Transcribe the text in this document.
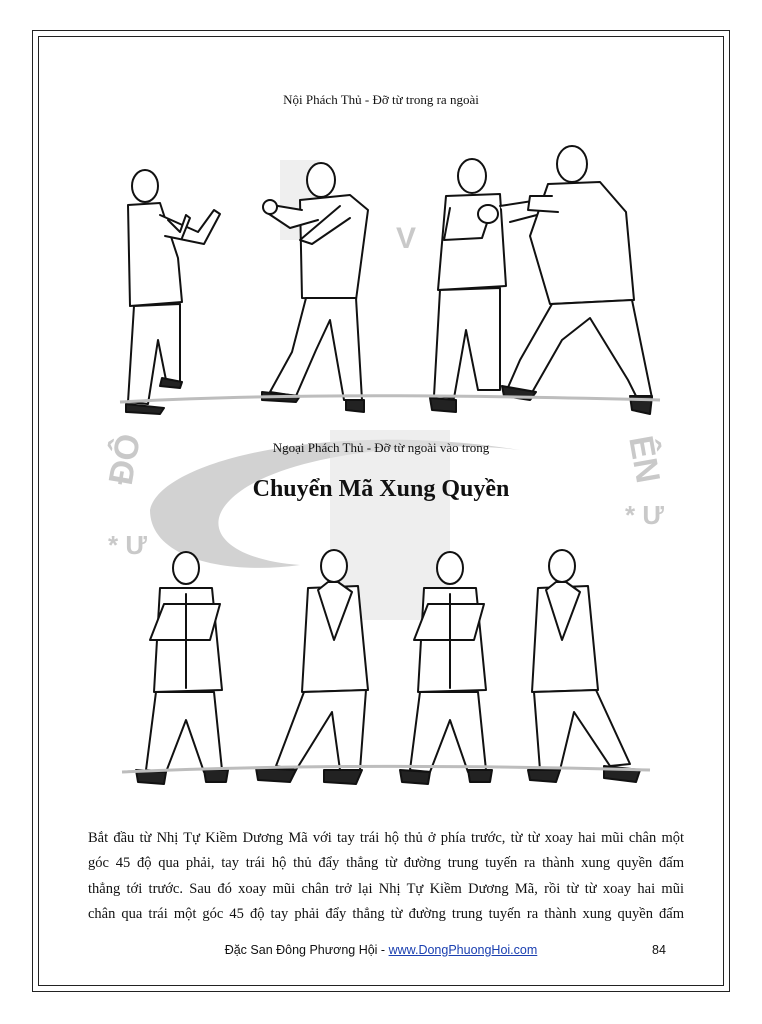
ĐÔ
* Ư
ÊN
* Ư
V
Nội Phách Thủ - Đỡ từ trong ra ngoài
Ngoại Phách Thủ - Đỡ từ ngoài vào trong
Chuyển Mã Xung Quyền
Bắt đầu từ Nhị Tự Kiềm Dương Mã với tay trái hộ thủ ở phía trước, từ từ xoay hai mũi chân một
góc 45 độ qua phải, tay trái hộ thủ đẩy thẳng từ đường trung tuyến ra thành xung quyền đấm
thẳng tới trước. Sau đó xoay mũi chân trở lại Nhị Tự Kiềm Dương Mã, rồi từ từ xoay hai mũi
chân qua trái một góc 45 độ tay phải đẩy thẳng từ đường trung tuyến ra thành xung quyền đấm
Đặc San Đông Phương Hội - www.DongPhuongHoi.com	84
